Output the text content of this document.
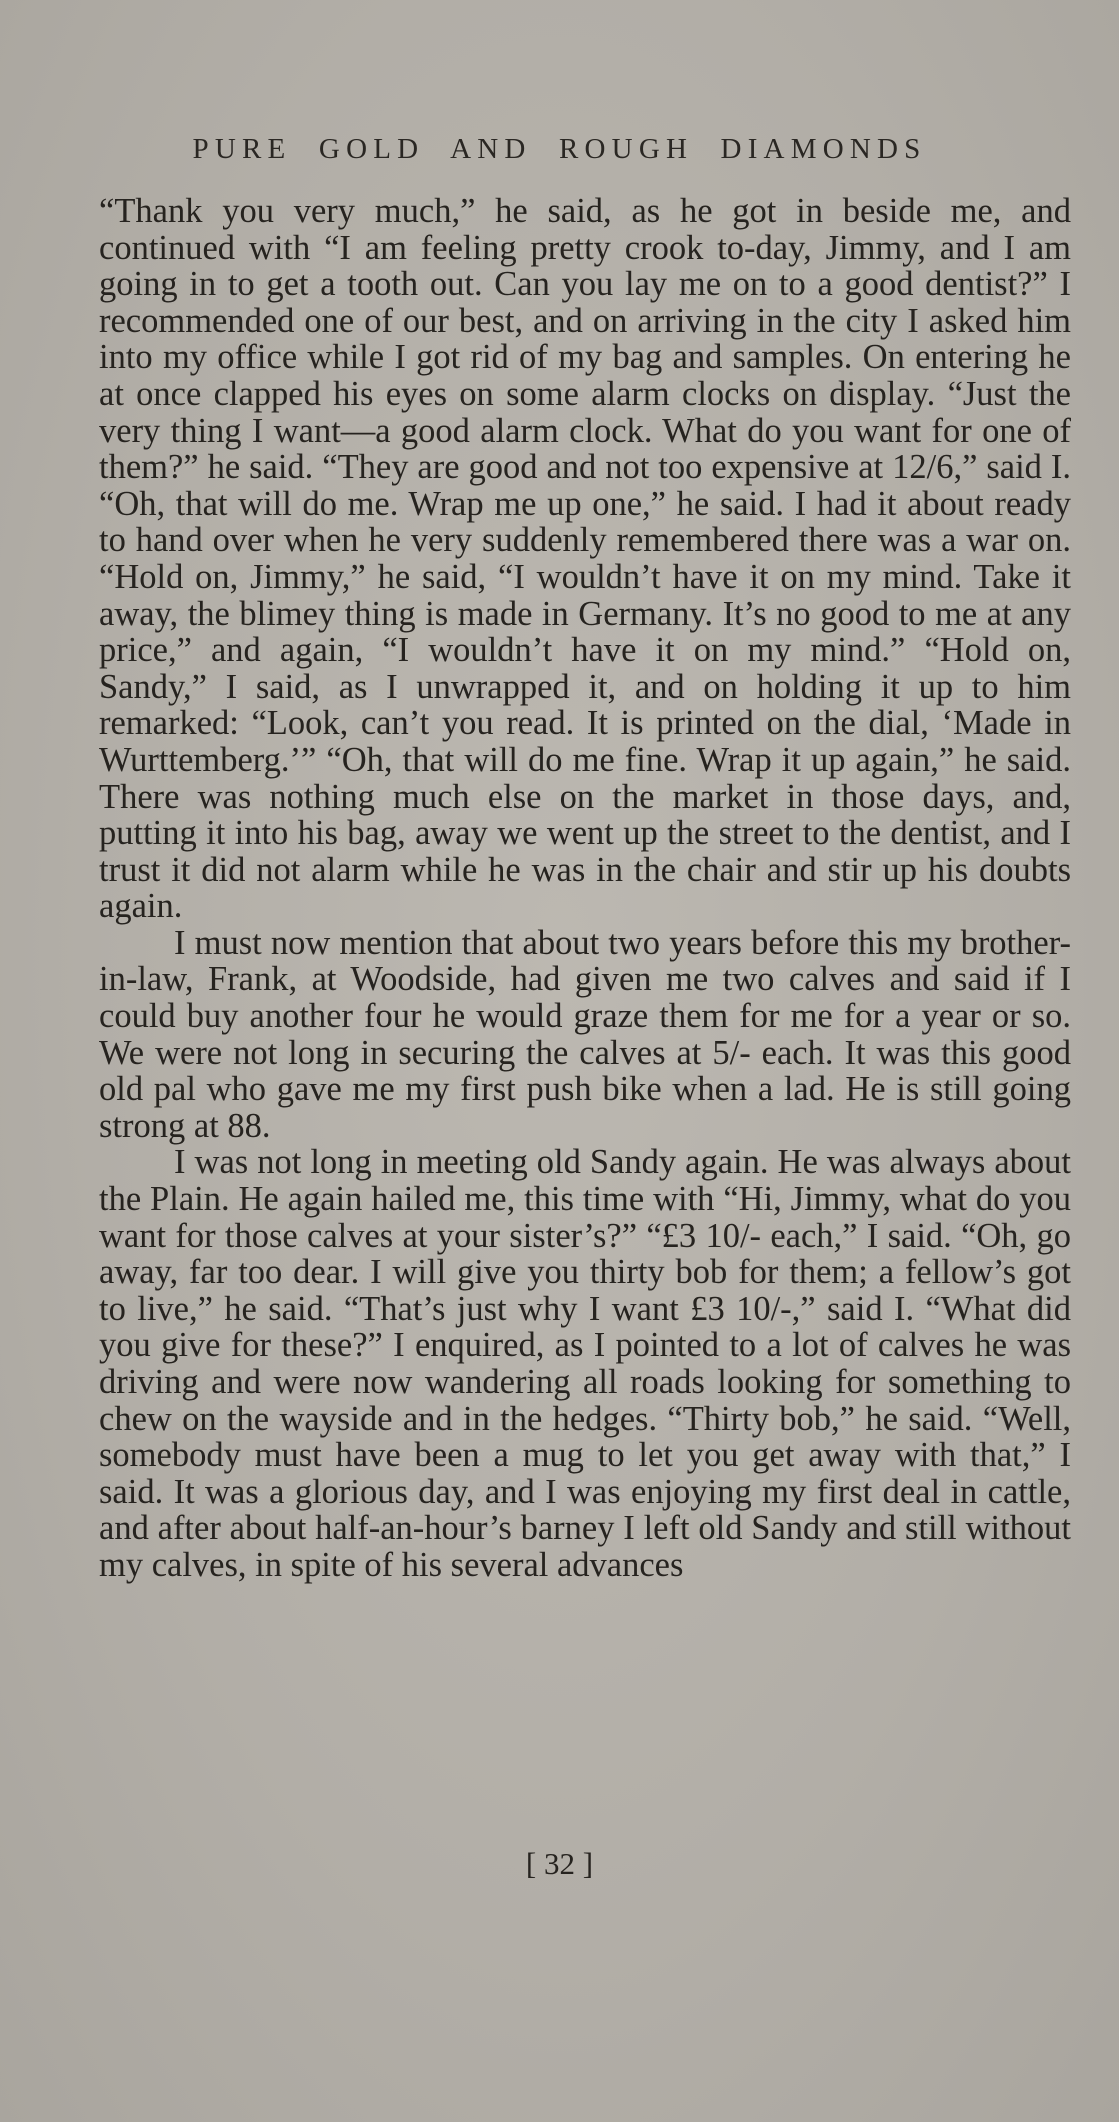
PURE GOLD AND ROUGH DIAMONDS

“Thank you very much,” he said, as he got in beside me, and continued with “I am feeling pretty crook to-day, Jimmy, and I am going in to get a tooth out. Can you lay me on to a good dentist?” I recommended one of our best, and on arriving in the city I asked him into my office while I got rid of my bag and samples. On entering he at once clapped his eyes on some alarm clocks on display. “Just the very thing I want—a good alarm clock. What do you want for one of them?” he said. “They are good and not too expensive at 12/6,” said I. “Oh, that will do me. Wrap me up one,” he said. I had it about ready to hand over when he very suddenly remembered there was a war on. “Hold on, Jimmy,” he said, “I wouldn’t have it on my mind. Take it away, the blimey thing is made in Germany. It’s no good to me at any price,” and again, “I wouldn’t have it on my mind.” “Hold on, Sandy,” I said, as I unwrapped it, and on holding it up to him remarked: “Look, can’t you read. It is printed on the dial, ‘Made in Wurttemberg.’” “Oh, that will do me fine. Wrap it up again,” he said. There was nothing much else on the market in those days, and, putting it into his bag, away we went up the street to the dentist, and I trust it did not alarm while he was in the chair and stir up his doubts again.

I must now mention that about two years before this my brother-in-law, Frank, at Woodside, had given me two calves and said if I could buy another four he would graze them for me for a year or so. We were not long in securing the calves at 5/- each. It was this good old pal who gave me my first push bike when a lad. He is still going strong at 88.

I was not long in meeting old Sandy again. He was always about the Plain. He again hailed me, this time with “Hi, Jimmy, what do you want for those calves at your sister’s?” “£3 10/- each,” I said. “Oh, go away, far too dear. I will give you thirty bob for them; a fellow’s got to live,” he said. “That’s just why I want £3 10/-,” said I. “What did you give for these?” I enquired, as I pointed to a lot of calves he was driving and were now wandering all roads looking for something to chew on the wayside and in the hedges. “Thirty bob,” he said. “Well, somebody must have been a mug to let you get away with that,” I said. It was a glorious day, and I was enjoying my first deal in cattle, and after about half-an-hour’s barney I left old Sandy and still without my calves, in spite of his several advances

[ 32 ]
